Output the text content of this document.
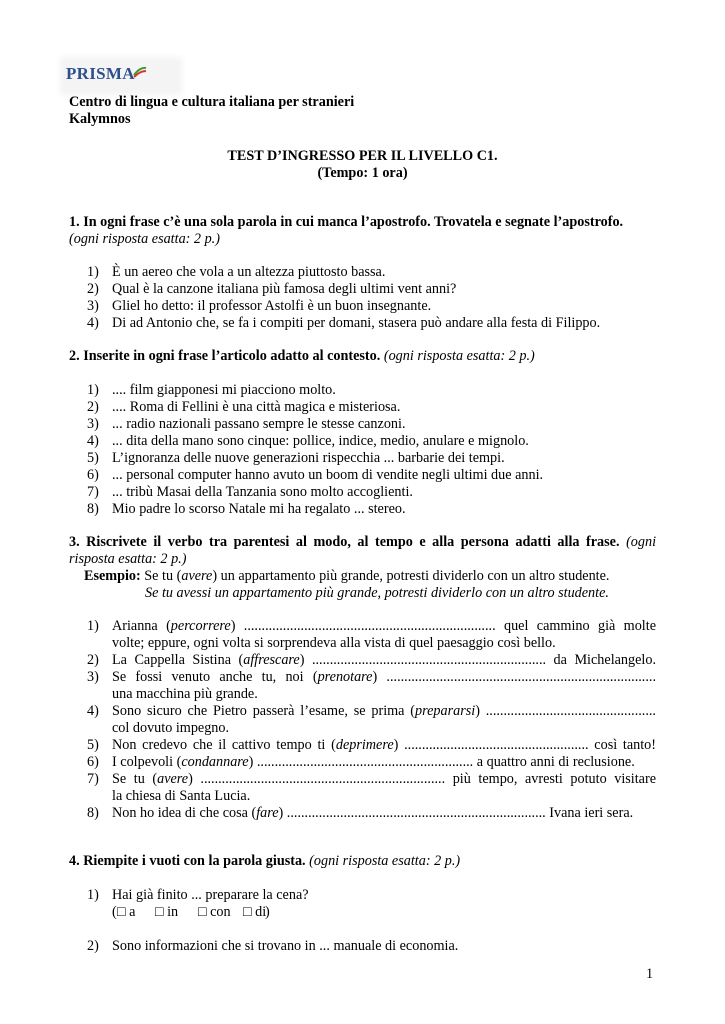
PRISMA
Centro di lingua e cultura italiana per stranieri
Kalymnos
TEST D’INGRESSO PER IL LIVELLO C1.
(Tempo: 1 ora)
1. In ogni frase c’è una sola parola in cui manca l’apostrofo. Trovatela e segnate l’apostrofo.
(ogni risposta esatta: 2 p.)
1) È un aereo che vola a un altezza piuttosto bassa.
2) Qual è la canzone italiana più famosa degli ultimi vent anni?
3) Gliel ho detto: il professor Astolfi è un buon insegnante.
4) Di ad Antonio che, se fa i compiti per domani, stasera può andare alla festa di Filippo.
2. Inserite in ogni frase l’articolo adatto al contesto. (ogni risposta esatta: 2 p.)
1) .... film giapponesi mi piacciono molto.
2) .... Roma di Fellini è una città magica e misteriosa.
3) ... radio nazionali passano sempre le stesse canzoni.
4) ... dita della mano sono cinque: pollice, indice, medio, anulare e mignolo.
5) L’ignoranza delle nuove generazioni rispecchia ... barbarie dei tempi.
6) ... personal computer hanno avuto un boom di vendite negli ultimi due anni.
7) ... tribù Masai della Tanzania sono molto accoglienti.
8) Mio padre lo scorso Natale mi ha regalato ... stereo.
3. Riscrivete il verbo tra parentesi al modo, al tempo e alla persona adatti alla frase. (ogni
risposta esatta: 2 p.)
Esempio: Se tu (avere) un appartamento più grande, potresti dividerlo con un altro studente.
Se tu avessi un appartamento più grande, potresti dividerlo con un altro studente.
1) Arianna (percorrere) ....................................................................... quel cammino già molte
volte; eppure, ogni volta si sorprendeva alla vista di quel paesaggio così bello.
2) La Cappella Sistina (affrescare) .................................................................. da Michelangelo.
3) Se fossi venuto anche tu, noi (prenotare) ............................................................................
una macchina più grande.
4) Sono sicuro che Pietro passerà l’esame, se prima (prepararsi) ................................................
col dovuto impegno.
5) Non credevo che il cattivo tempo ti (deprimere) .................................................... così tanto!
6) I colpevoli (condannare) ............................................................. a quattro anni di reclusione.
7) Se tu (avere) ..................................................................... più tempo, avresti potuto visitare
la chiesa di Santa Lucia.
8) Non ho idea di che cosa (fare) ......................................................................... Ivana ieri sera.
4. Riempite i vuoti con la parola giusta. (ogni risposta esatta: 2 p.)
1) Hai già finito ... preparare la cena?
( □ a □ in □ con □ di
)
2) Sono informazioni che si trovano in ... manuale di economia.
1
